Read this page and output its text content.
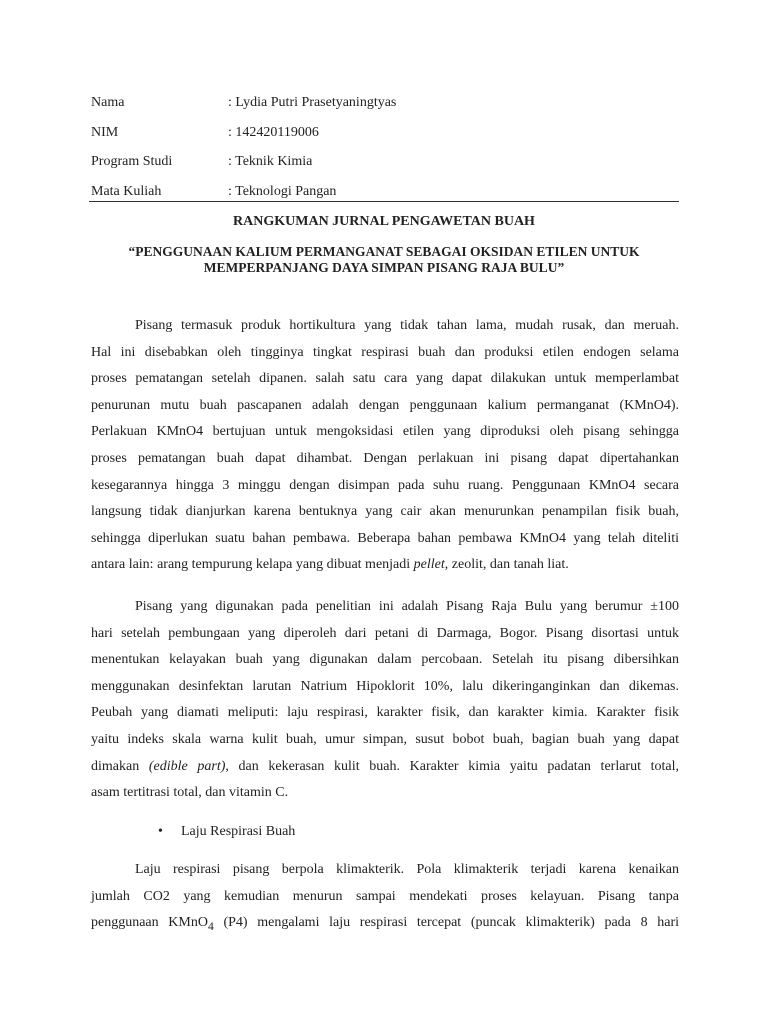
Nama	: Lydia Putri Prasetyaningtyas
NIM	: 142420119006
Program Studi	: Teknik Kimia
Mata Kuliah	: Teknologi Pangan
RANGKUMAN JURNAL PENGAWETAN BUAH
“PENGGUNAAN KALIUM PERMANGANAT SEBAGAI OKSIDAN ETILEN UNTUK
MEMPERPANJANG DAYA SIMPAN PISANG RAJA BULU”

Pisang termasuk produk hortikultura yang tidak tahan lama, mudah rusak, dan meruah.
Hal ini disebabkan oleh tingginya tingkat respirasi buah dan produksi etilen endogen selama
proses pematangan setelah dipanen. salah satu cara yang dapat dilakukan untuk memperlambat
penurunan mutu buah pascapanen adalah dengan penggunaan kalium permanganat (KMnO4).
Perlakuan KMnO4 bertujuan untuk mengoksidasi etilen yang diproduksi oleh pisang sehingga
proses pematangan buah dapat dihambat. Dengan perlakuan ini pisang dapat dipertahankan
kesegarannya hingga 3 minggu dengan disimpan pada suhu ruang. Penggunaan KMnO4 secara
langsung tidak dianjurkan karena bentuknya yang cair akan menurunkan penampilan fisik buah,
sehingga diperlukan suatu bahan pembawa. Beberapa bahan pembawa KMnO4 yang telah diteliti
antara lain: arang tempurung kelapa yang dibuat menjadi pellet, zeolit, dan tanah liat.

Pisang yang digunakan pada penelitian ini adalah Pisang Raja Bulu yang berumur ±100
hari setelah pembungaan yang diperoleh dari petani di Darmaga, Bogor. Pisang disortasi untuk
menentukan kelayakan buah yang digunakan dalam percobaan. Setelah itu pisang dibersihkan
menggunakan desinfektan larutan Natrium Hipoklorit 10%, lalu dikeringanginkan dan dikemas.
Peubah yang diamati meliputi: laju respirasi, karakter fisik, dan karakter kimia. Karakter fisik
yaitu indeks skala warna kulit buah, umur simpan, susut bobot buah, bagian buah yang dapat
dimakan (edible part), dan kekerasan kulit buah. Karakter kimia yaitu padatan terlarut total,
asam tertitrasi total, dan vitamin C.

• Laju Respirasi Buah

Laju respirasi pisang berpola klimakterik. Pola klimakterik terjadi karena kenaikan
jumlah CO2 yang kemudian menurun sampai mendekati proses kelayuan. Pisang tanpa
penggunaan KMnO$_4$ (P4) mengalami laju respirasi tercepat (puncak klimakterik) pada 8 hari
